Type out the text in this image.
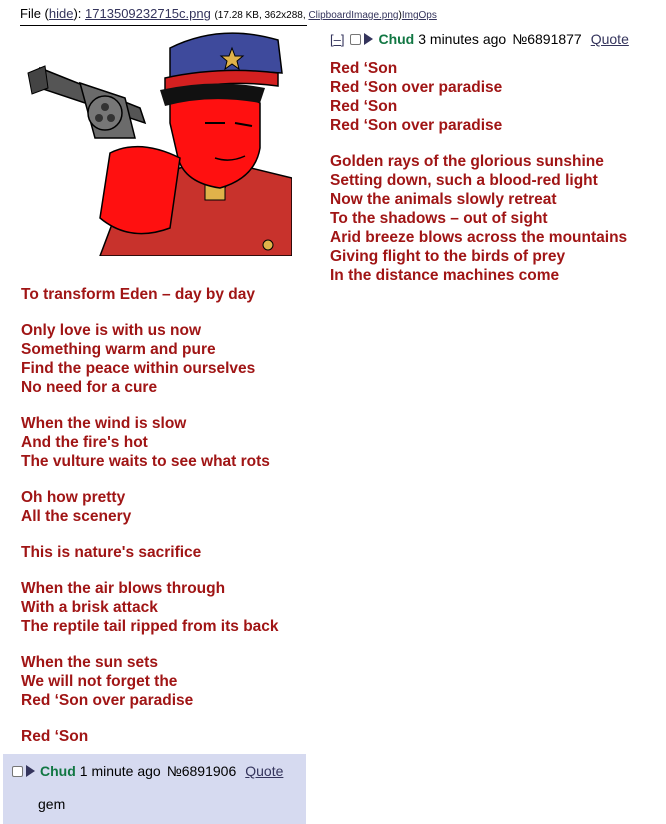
File (hide): 1713509232715c.png (17.28 KB, 362x288, ClipboardImage.png)ImgOps
[–] Chud 3 minutes ago №6891877 Quote
Red ‘Son
Red ‘Son over paradise
Red ‘Son
Red ‘Son over paradise
Golden rays of the glorious sunshine
Setting down, such a blood-red light
Now the animals slowly retreat
To the shadows – out of sight
Arid breeze blows across the mountains
Giving flight to the birds of prey
In the distance machines come
To transform Eden – day by day
Only love is with us now
Something warm and pure
Find the peace within ourselves
No need for a cure
When the wind is slow
And the fire's hot
The vulture waits to see what rots
Oh how pretty
All the scenery
This is nature's sacrifice
When the air blows through
With a brisk attack
The reptile tail ripped from its back
When the sun sets
We will not forget the
Red ‘Son over paradise
Red ‘Son
Chud 1 minute ago №6891906 Quote
gem
